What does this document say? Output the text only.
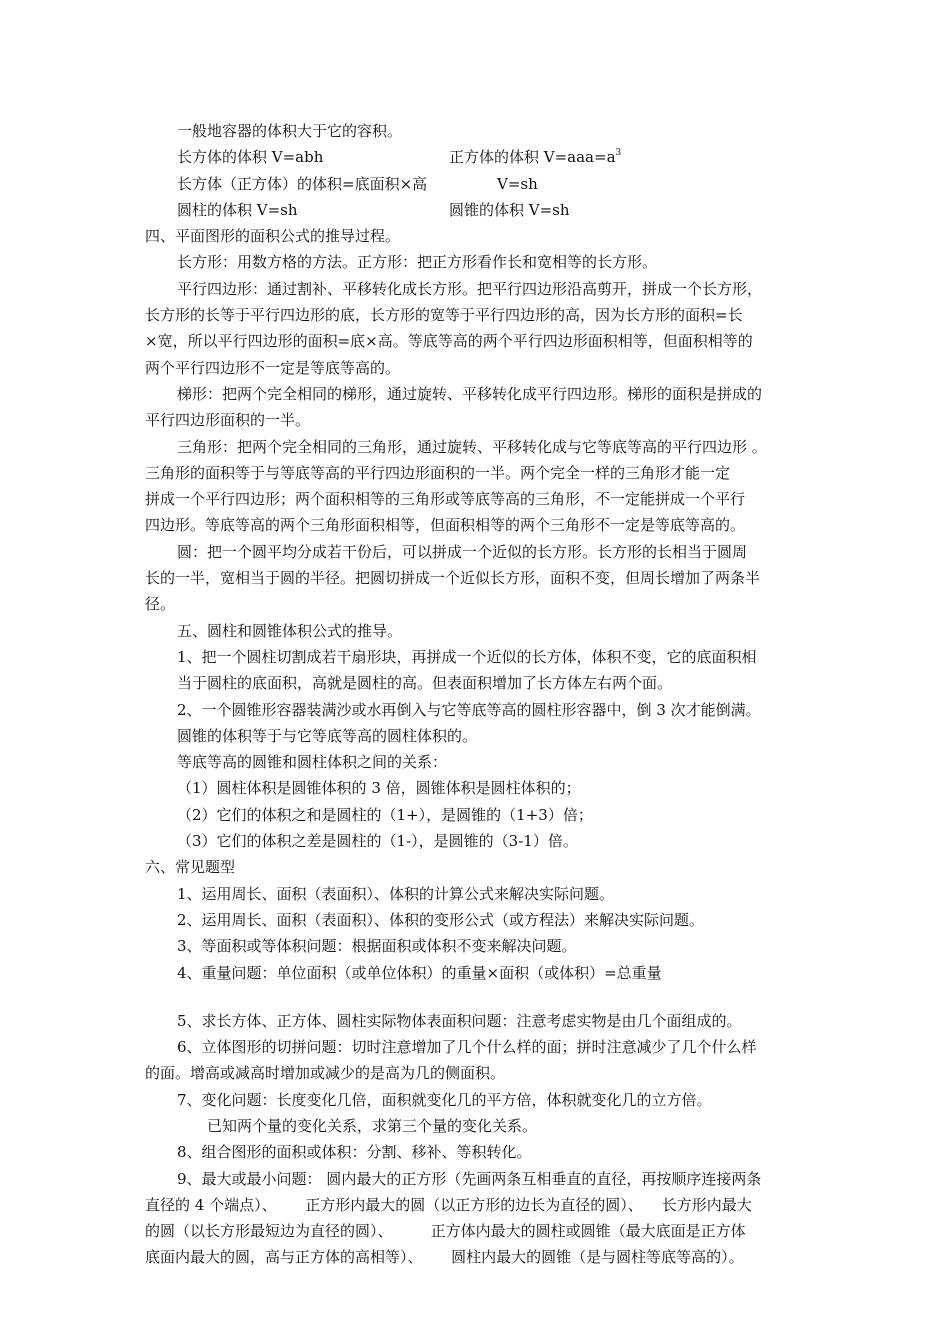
一般地容器的体积大于它的容积。
长方体的体积 V=abh	正方体的体积 $V=aaa=a^3$
长方体（正方体）的体积=底面积×高	V=sh
圆柱的体积 V=sh	圆锥的体积 V=sh
四、平面图形的面积公式的推导过程。
长方形：用数方格的方法。正方形：把正方形看作长和宽相等的长方形。
平行四边形：通过割补、平移转化成长方形。把平行四边形沿高剪开，拼成一个长方形，
长方形的长等于平行四边形的底，长方形的宽等于平行四边形的高，因为长方形的面积=长
×宽，所以平行四边形的面积=底×高。等底等高的两个平行四边形面积相等，但面积相等的
两个平行四边形不一定是等底等高的。
梯形：把两个完全相同的梯形，通过旋转、平移转化成平行四边形。梯形的面积是拼成的
平行四边形面积的一半。
三角形：把两个完全相同的三角形，通过旋转、平移转化成与它等底等高的平行四边形 。
三角形的面积等于与等底等高的平行四边形面积的一半。两个完全一样的三角形才能一定
拼成一个平行四边形；两个面积相等的三角形或等底等高的三角形，不一定能拼成一个平行
四边形。等底等高的两个三角形面积相等，但面积相等的两个三角形不一定是等底等高的。
圆：把一个圆平均分成若干份后，可以拼成一个近似的长方形。长方形的长相当于圆周
长的一半，宽相当于圆的半径。把圆切拼成一个近似长方形，面积不变，但周长增加了两条半
径。
五、圆柱和圆锥体积公式的推导。
1、把一个圆柱切割成若干扇形块，再拼成一个近似的长方体，体积不变，它的底面积相
当于圆柱的底面积，高就是圆柱的高。但表面积增加了长方体左右两个面。
2、一个圆锥形容器装满沙或水再倒入与它等底等高的圆柱形容器中，倒 3 次才能倒满。
圆锥的体积等于与它等底等高的圆柱体积的。
等底等高的圆锥和圆柱体积之间的关系：
（1）圆柱体积是圆锥体积的 3 倍，圆锥体积是圆柱体积的；
（2）它们的体积之和是圆柱的（1+），是圆锥的（1+3）倍；
（3）它们的体积之差是圆柱的（1-），是圆锥的（3-1）倍。
六、常见题型
1、运用周长、面积（表面积）、体积的计算公式来解决实际问题。
2、运用周长、面积（表面积）、体积的变形公式（或方程法）来解决实际问题。
3、等面积或等体积问题：根据面积或体积不变来解决问题。
4、重量问题：单位面积（或单位体积）的重量×面积（或体积）=总重量
5、求长方体、正方体、圆柱实际物体表面积问题：注意考虑实物是由几个面组成的。
6、立体图形的切拼问题：切时注意增加了几个什么样的面；拼时注意减少了几个什么样
的面。增高或减高时增加或减少的是高为几的侧面积。
7、变化问题：长度变化几倍，面积就变化几的平方倍，体积就变化几的立方倍。
已知两个量的变化关系，求第三个量的变化关系。
8、组合图形的面积或体积：分割、移补、等积转化。
9、最大或最小问题： 圆内最大的正方形（先画两条互相垂直的直径，再按顺序连接两条
直径的 4 个端点）、      正方形内最大的圆（以正方形的边长为直径的圆）、    长方形内最大
的圆（以长方形最短边为直径的圆）、        正方体内最大的圆柱或圆锥（最大底面是正方体
底面内最大的圆，高与正方体的高相等）、      圆柱内最大的圆锥（是与圆柱等底等高的）。
